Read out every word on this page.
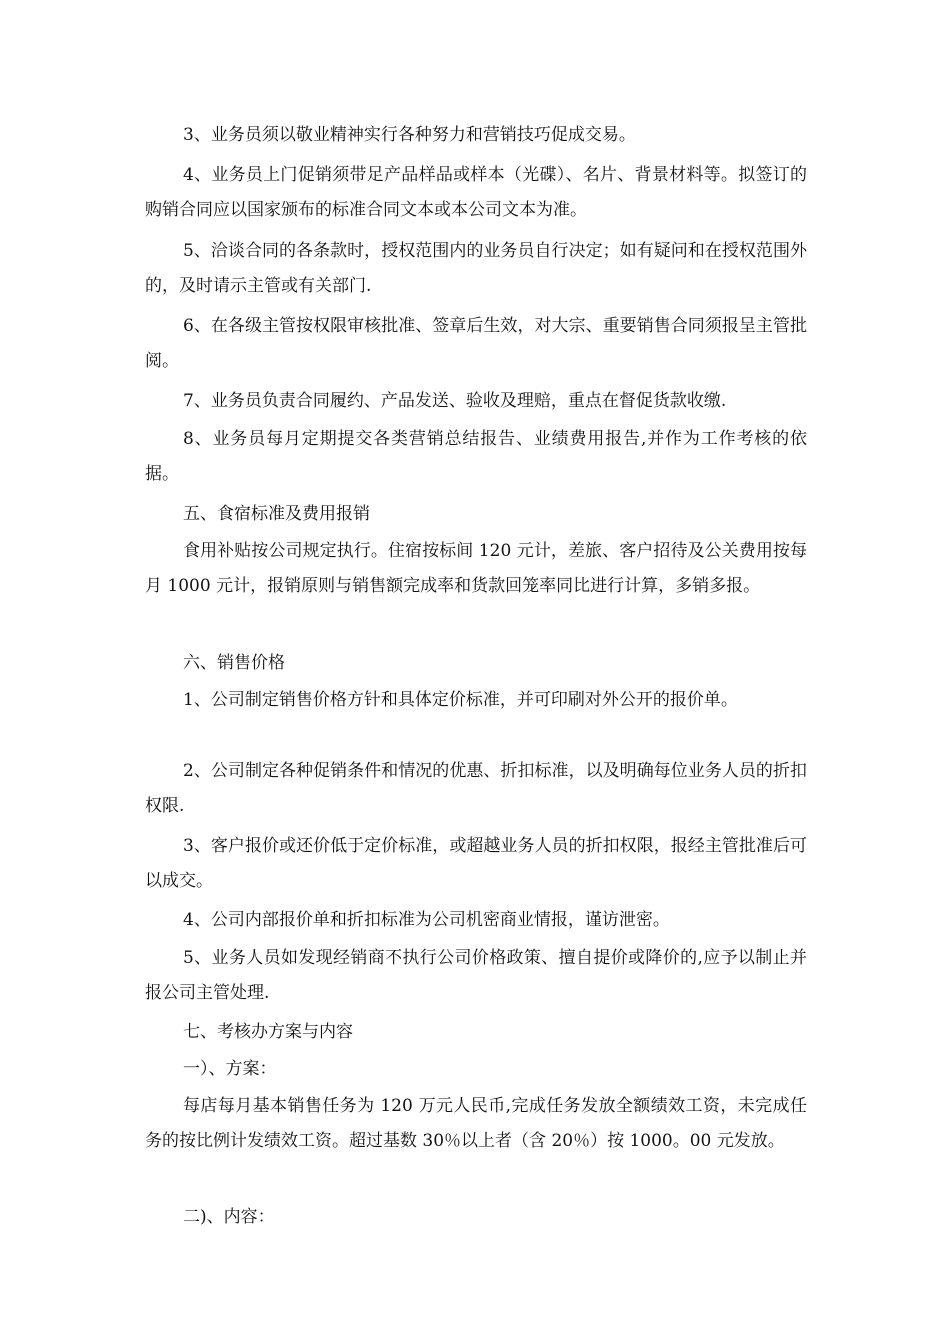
3、业务员须以敬业精神实行各种努力和营销技巧促成交易。

4、业务员上门促销须带足产品样品或样本（光碟）、名片、背景材料等。拟签订的购销合同应以国家颁布的标准合同文本或本公司文本为准。

5、洽谈合同的各条款时，授权范围内的业务员自行决定；如有疑问和在授权范围外的，及时请示主管或有关部门.

6、在各级主管按权限审核批准、签章后生效，对大宗、重要销售合同须报呈主管批阅。

7、业务员负责合同履约、产品发送、验收及理赔，重点在督促货款收缴.

8、业务员每月定期提交各类营销总结报告、业绩费用报告,并作为工作考核的依据。

五、食宿标准及费用报销

食用补贴按公司规定执行。住宿按标间 120 元计，差旅、客户招待及公关费用按每月 1000 元计，报销原则与销售额完成率和货款回笼率同比进行计算，多销多报。

六、销售价格

1、公司制定销售价格方针和具体定价标准，并可印刷对外公开的报价单。

2、公司制定各种促销条件和情况的优惠、折扣标准，以及明确每位业务人员的折扣权限.

3、客户报价或还价低于定价标准，或超越业务人员的折扣权限，报经主管批准后可以成交。

4、公司内部报价单和折扣标准为公司机密商业情报，谨访泄密。

5、业务人员如发现经销商不执行公司价格政策、擅自提价或降价的,应予以制止并报公司主管处理.

七、考核办方案与内容

一）、方案：

每店每月基本销售任务为 120 万元人民币,完成任务发放全额绩效工资，未完成任务的按比例计发绩效工资。超过基数 30％以上者（含 20％）按 1000。00 元发放。

二)、内容：
